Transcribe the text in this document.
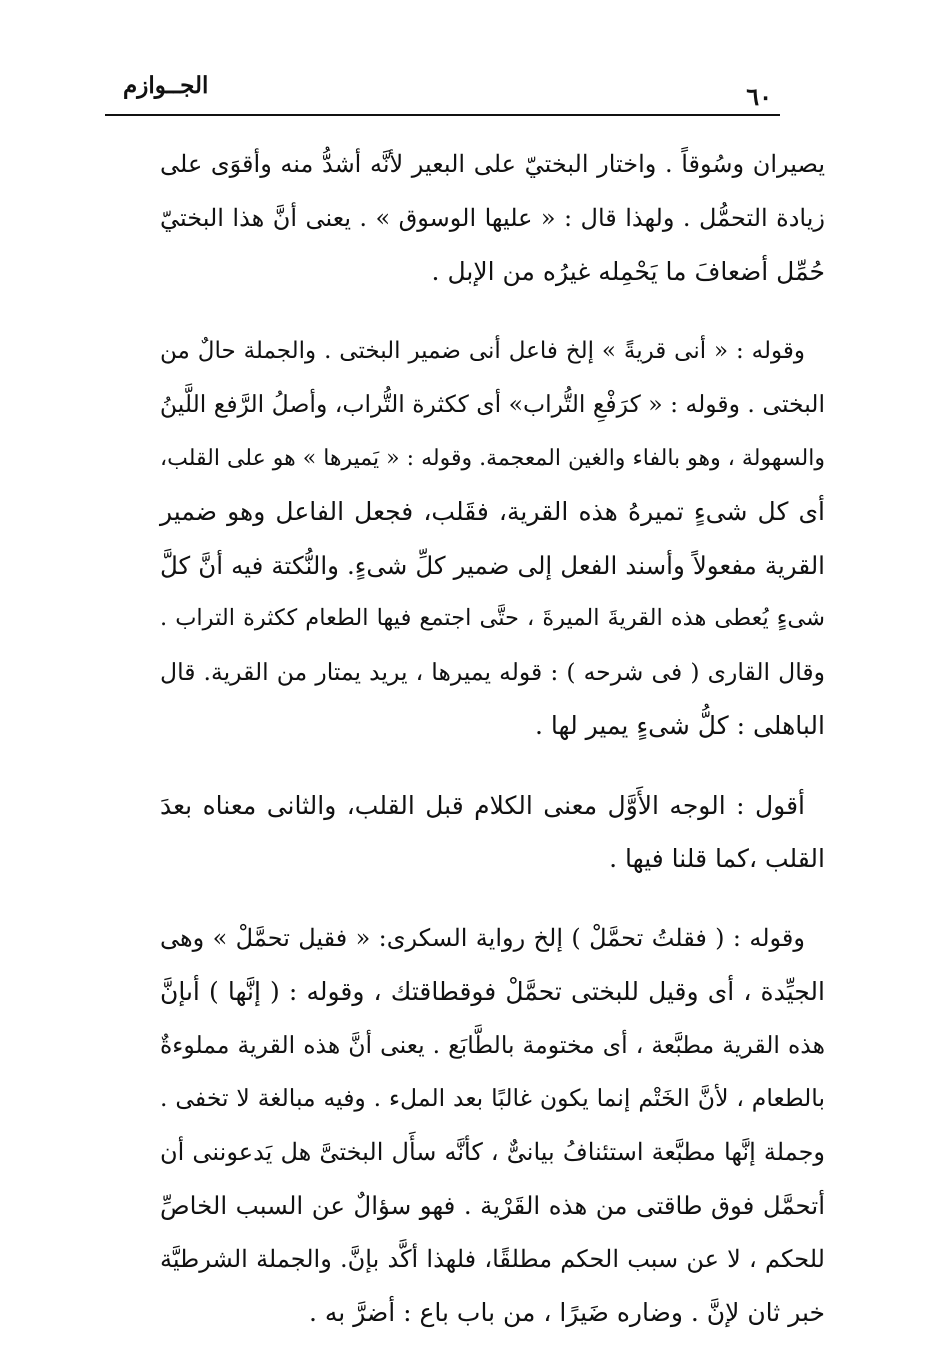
٦٠
الجــوازم

يصيران وسُوقاً . واختار البختيّ على البعير لأنَّه أشدُّ منه وأقوَى على
زيادة التحمُّل . ولهذا قال : « عليها الوسوق » . يعنى أنَّ هذا البختيّ
حُمِّل أضعافَ ما يَحْمِله غيرُه من الإبل .

وقوله : « أنى قريةً » إلخ فاعل أنى ضمير البختى . والجملة حالٌ من
البختى . وقوله : « كرَفْعِ التُّراب» أى ككثرة التُّراب، وأصلُ الرَّفع اللَّينُ
والسهولة ، وهو بالفاء والغين المعجمة. وقوله : « يَميرها » هو على القلب،
أى كل شىءٍ تميرهُ هذه القرية، فقَلب، فجعل الفاعل وهو ضمير
القرية مفعولاً وأسند الفعل إلى ضمير كلِّ شىءٍ. والنُّكتة فيه أنَّ كلَّ
شىءٍ يُعطى هذه القريةَ الميرةَ ، حتَّى اجتمع فيها الطعام ككثرة التراب .
وقال القارى ( فى شرحه ) : قوله يميرها ، يريد يمتار من القرية. قال
الباهلى : كلُّ شىءٍ يمير لها .

أقول : الوجه الأَوَّل معنى الكلام قبل القلب، والثانى معناه بعدَ
القلب ،كما قلنا فيها .

وقوله : ( فقلتُ تحمَّلْ ) إلخ رواية السكرى: « فقيل تحمَّلْ » وهى
الجيِّدة ، أى وقيل للبختى تحمَّلْ فوقطاقتك ، وقوله : ( إنَّها ) أىإنَّ
هذه القرية مطبَّعة ، أى مختومة بالطَّابَع . يعنى أنَّ هذه القرية مملوءةٌ
بالطعام ، لأنَّ الخَتْم إنما يكون غالبًا بعد الملء . وفيه مبالغة لا تخفى .
وجملة إنَّها مطبَّعة استئنافُ بيانىٌّ ، كأنَّه سأَل البختىَّ هل يَدعوننى أن
أتحمَّل فوق طاقتى من هذه القَرْية . فهو سؤالٌ عن السبب الخاصِّ
للحكم ، لا عن سبب الحكم مطلقًا، فلهذا أكَّد بإنَّ. والجملة الشرطيَّة
خبر ثان لإنَّ . وضاره ضَيرًا ، من باب باع : أضرَّ به .
